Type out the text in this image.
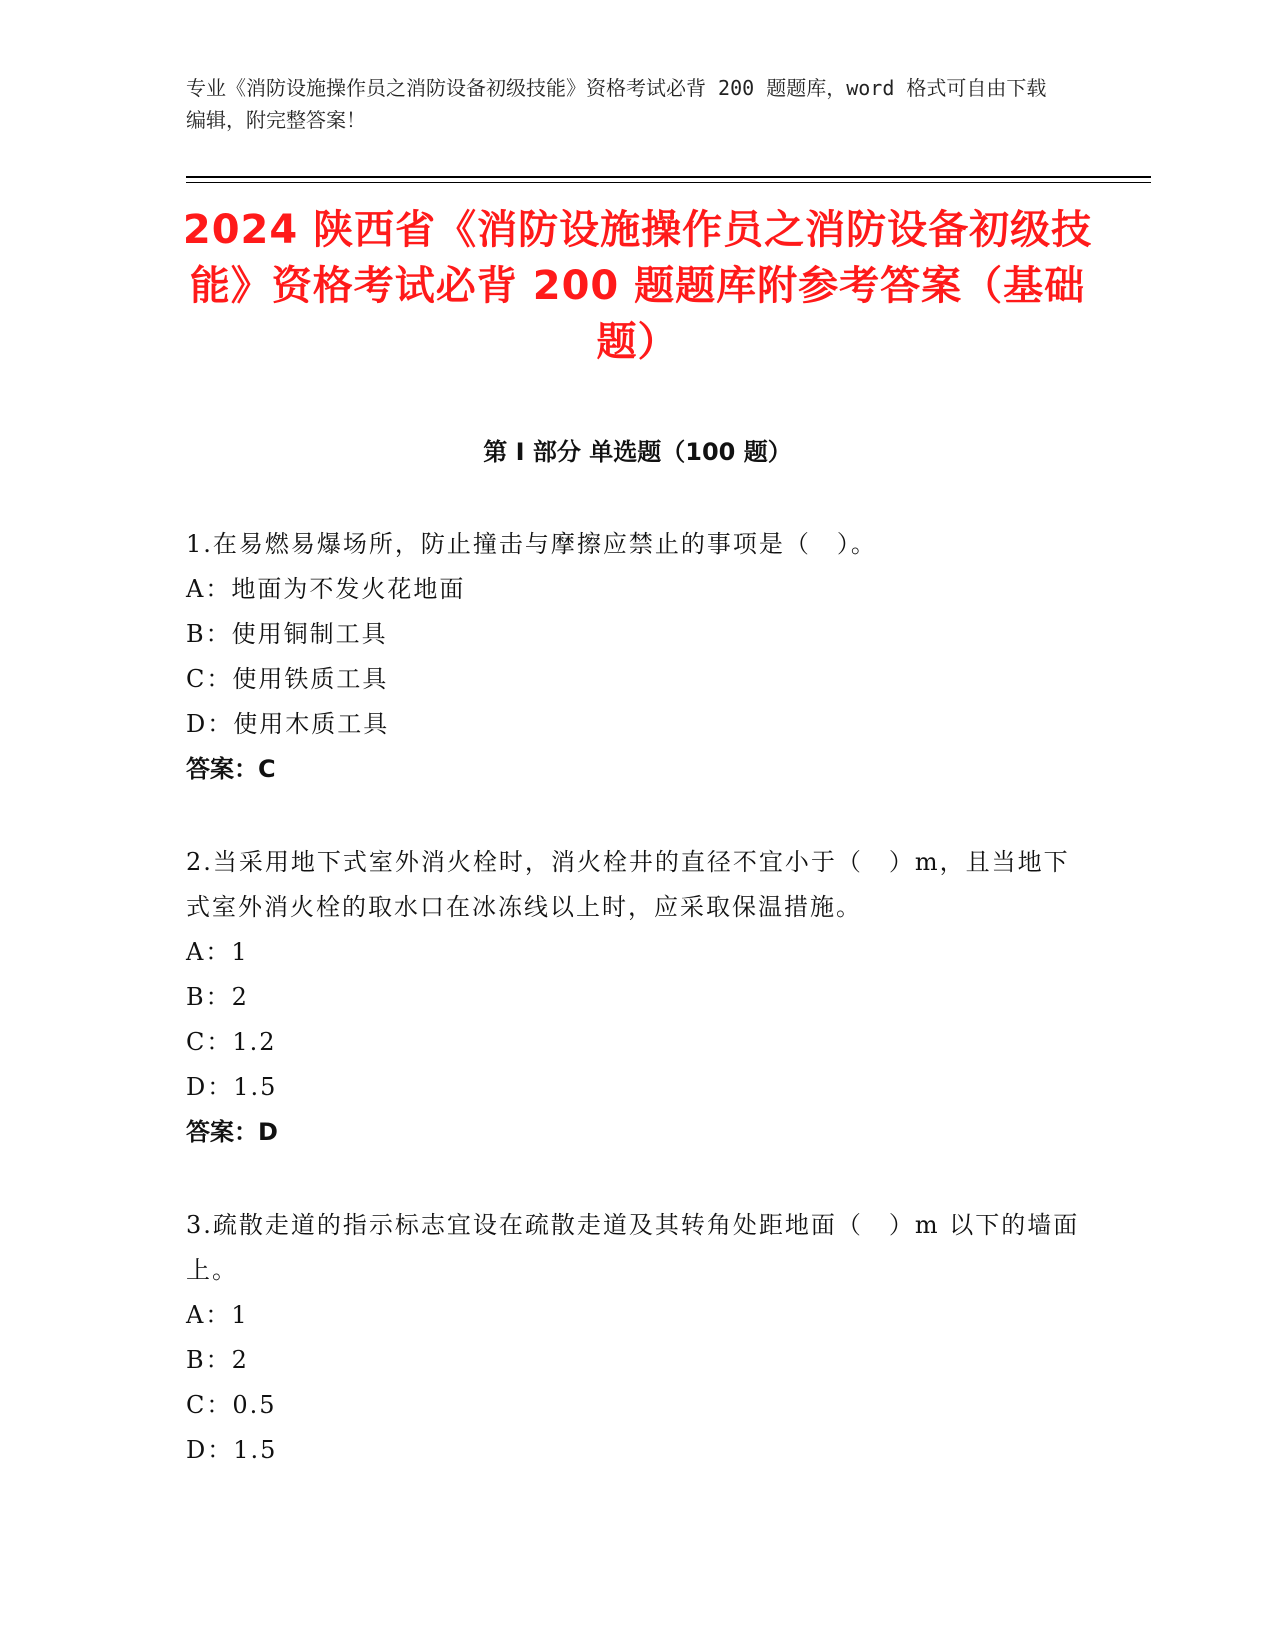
专业《消防设施操作员之消防设备初级技能》资格考试必背 200 题题库，word 格式可自由下载编辑，附完整答案！
2024 陕西省《消防设施操作员之消防设备初级技能》资格考试必背 200 题题库附参考答案（基础题）
第 I 部分 单选题（100 题）

1.在易燃易爆场所，防止撞击与摩擦应禁止的事项是（　）。

A：地面为不发火花地面
B：使用铜制工具
C：使用铁质工具
D：使用木质工具
答案：C

2.当采用地下式室外消火栓时，消火栓井的直径不宜小于（　）m，且当地下式室外消火栓的取水口在冰冻线以上时，应采取保温措施。

A：1
B：2
C：1.2
D：1.5
答案：D

3.疏散走道的指示标志宜设在疏散走道及其转角处距地面（　）m 以下的墙面上。

A：1
B：2
C：0.5
D：1.5
